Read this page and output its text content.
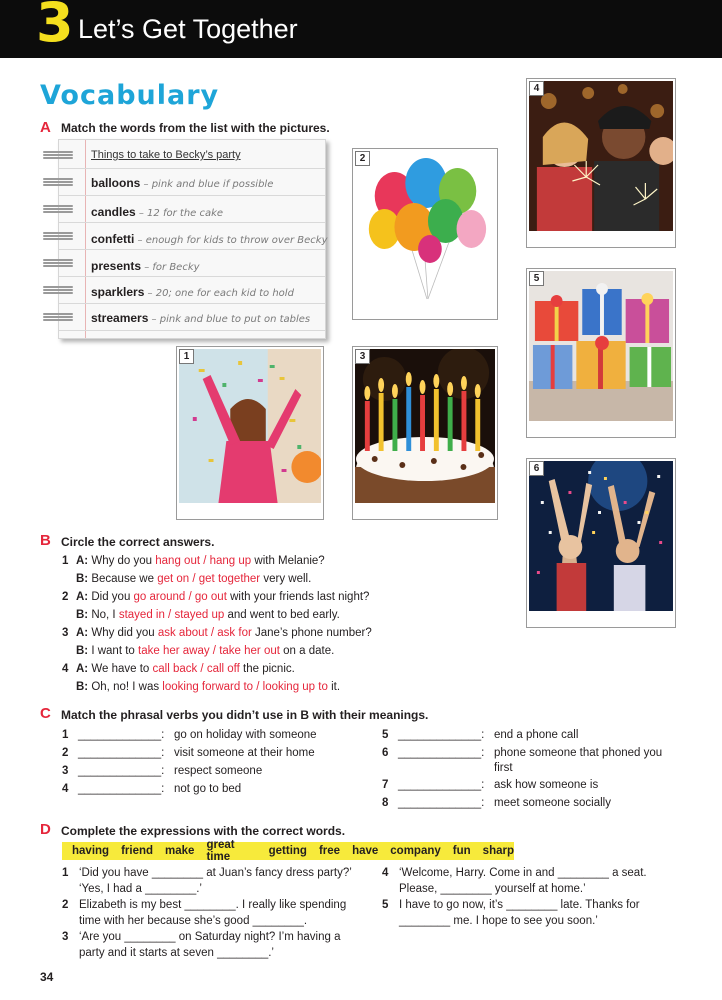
3 Let’s Get Together
Vocabulary
A Match the words from the list with the pictures.
Things to take to Becky’s party
balloons – pink and blue if possible
candles – 12 for the cake
confetti – enough for kids to throw over Becky
presents – for Becky
sparklers – 20; one for each kid to hold
streamers – pink and blue to put on tables
1
2
3
4
5
6
B Circle the correct answers.
1 A: Why do you hang out / hang up with Melanie?
B: Because we get on / get together very well.
2 A: Did you go around / go out with your friends last night?
B: No, I stayed in / stayed up and went to bed early.
3 A: Why did you ask about / ask for Jane’s phone number?
B: I want to take her away / take her out on a date.
4 A: We have to call back / call off the picnic.
B: Oh, no! I was looking forward to / looking up to it.
C Match the phrasal verbs you didn’t use in B with their meanings.
1 _____________: go on holiday with someone
2 _____________: visit someone at their home
3 _____________: respect someone
4 _____________: not go to bed
5 _____________: end a phone call
6 _____________: phone someone that phoned you first
7 _____________: ask how someone is
8 _____________: meet someone socially
D Complete the expressions with the correct words.
having friend make great time	getting free have company fun sharp
1 ‘Did you have ________ at Juan’s fancy dress party?’ ‘Yes, I had a ________.’
2 Elizabeth is my best ________. I really like spending time with her because she’s good ________.
3 ‘Are you ________ on Saturday night? I’m having a party and it starts at seven ________.’
4 ‘Welcome, Harry. Come in and ________ a seat. Please, ________ yourself at home.’
5 I have to go now, it’s ________ late. Thanks for ________ me. I hope to see you soon.’
34
